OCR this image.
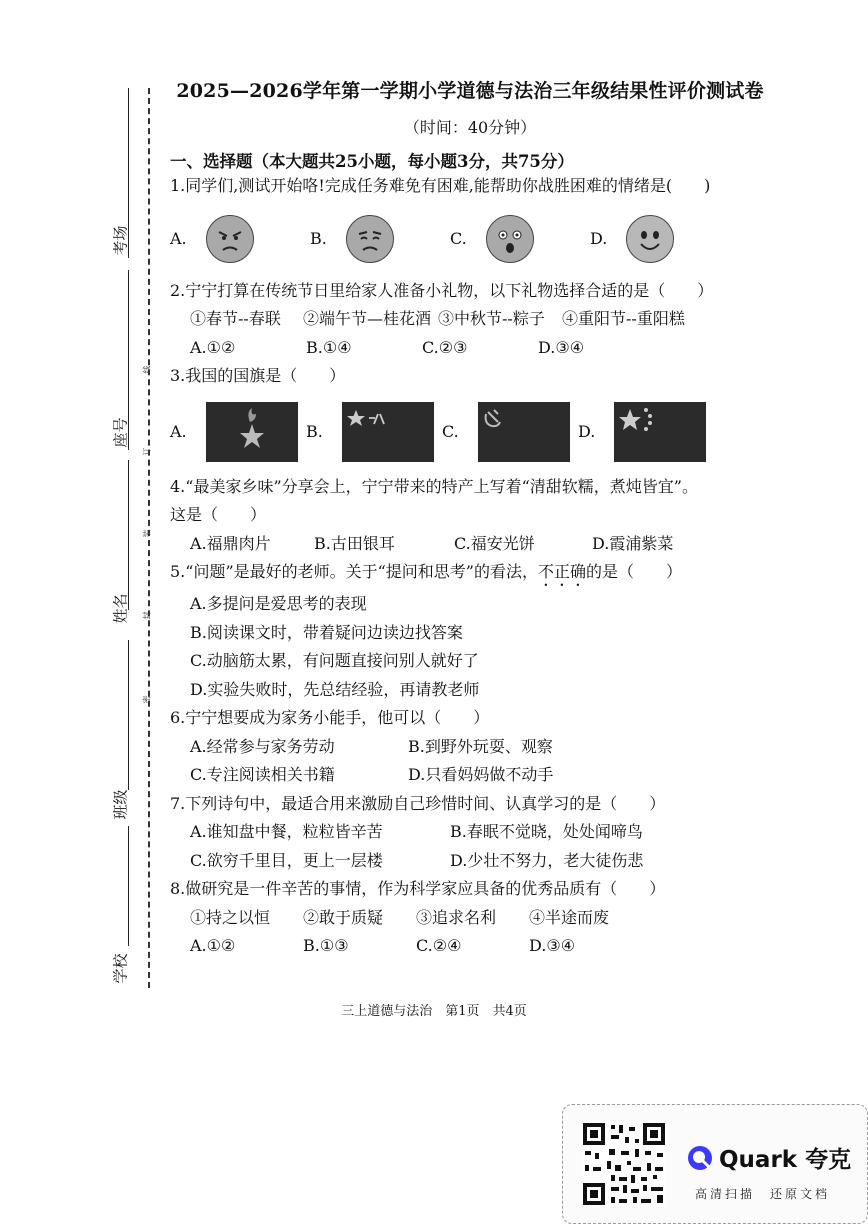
考场
座号
姓名
班级
学校
线
订
装
封
密
2025—2026学年第一学期小学道德与法治三年级结果性评价测试卷
（时间：40分钟）
一、选择题（本大题共25小题，每小题3分，共75分）
1.同学们,测试开始咯!完成任务难免有困难,能帮助你战胜困难的情绪是(　　)
A.	B.	C.	D.
2.宁宁打算在传统节日里给家人准备小礼物，以下礼物选择合适的是（　　）
①春节--春联	②端午节—桂花酒 ③中秋节--粽子	④重阳节--重阳糕
A.①②	B.①④	C.②③	D.③④
3.我国的国旗是（　　）
A.	B.	C.	D.
4.“最美家乡味”分享会上，宁宁带来的特产上写着“清甜软糯，煮炖皆宜”。
这是（　　）
A.福鼎肉片	B.古田银耳	C.福安光饼	D.霞浦紫菜
5.“问题”是最好的老师。关于“提问和思考”的看法，不正确的是（　　）
A.多提问是爱思考的表现
B.阅读课文时，带着疑问边读边找答案
C.动脑筋太累，有问题直接问别人就好了
D.实验失败时，先总结经验，再请教老师
6.宁宁想要成为家务小能手，他可以（　　）
A.经常参与家务劳动	B.到野外玩耍、观察
C.专注阅读相关书籍	D.只看妈妈做不动手
7.下列诗句中，最适合用来激励自己珍惜时间、认真学习的是（　　）
A.谁知盘中餐，粒粒皆辛苦	B.春眠不觉晓，处处闻啼鸟
C.欲穷千里目，更上一层楼	D.少壮不努力，老大徒伤悲
8.做研究是一件辛苦的事情，作为科学家应具备的优秀品质有（　　）
①持之以恒	②敢于质疑	③追求名利	④半途而废
A.①②	B.①③	C.②④	D.③④
三上道德与法治　第1页　共4页
Quark 夸克
高清扫描　还原文档
